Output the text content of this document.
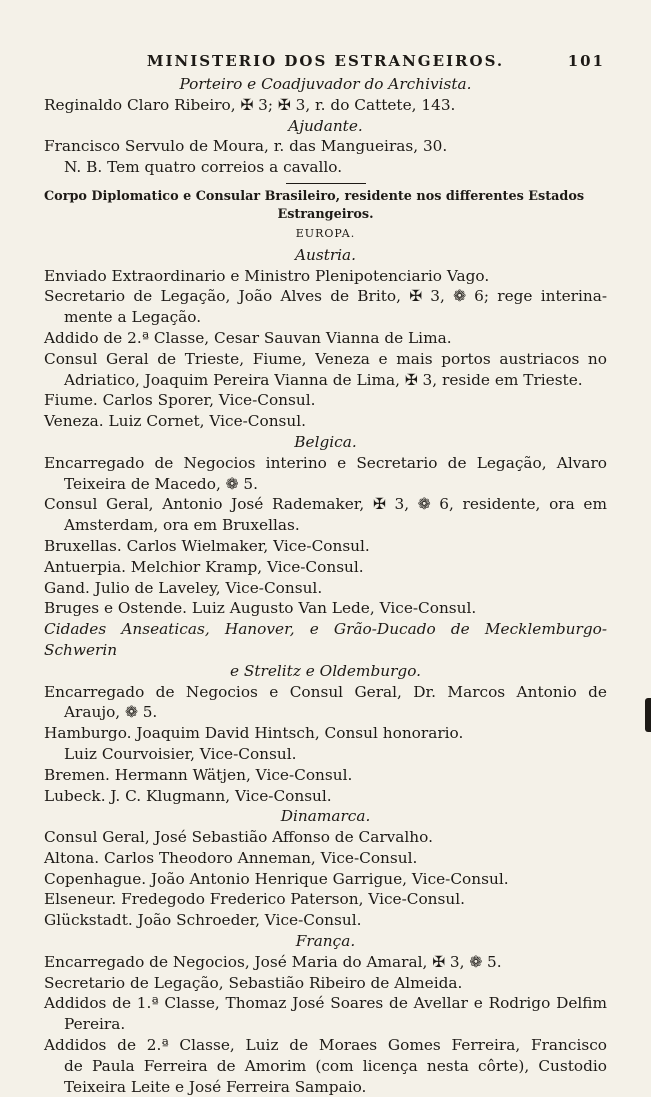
MINISTERIO DOS ESTRANGEIROS.	101
Porteiro e Coadjuvador do Archivista.
Reginaldo Claro Ribeiro, ✠ 3; ✠ 3, r. do Cattete, 143.
Ajudante.
Francisco Servulo de Moura, r. das Mangueiras, 30.
N. B. Tem quatro correios a cavallo.
Corpo Diplomatico e Consular Brasileiro, residente nos differentes Estados
Estrangeiros.
EUROPA.
Austria.
Enviado Extraordinario e Ministro Plenipotenciario Vago.
Secretario de Legação, João Alves de Brito, ✠ 3, ❁ 6; rege interina-
mente a Legação.
Addido de 2.ª Classe, Cesar Sauvan Vianna de Lima.
Consul Geral de Trieste, Fiume, Veneza e mais portos austriacos no
Adriatico, Joaquim Pereira Vianna de Lima, ✠ 3, reside em Trieste.
Fiume. Carlos Sporer, Vice-Consul.
Veneza. Luiz Cornet, Vice-Consul.
Belgica.
Encarregado de Negocios interino e Secretario de Legação, Alvaro
Teixeira de Macedo, ❁ 5.
Consul Geral, Antonio José Rademaker, ✠ 3, ❁ 6, residente, ora em
Amsterdam, ora em Bruxellas.
Bruxellas. Carlos Wielmaker, Vice-Consul.
Antuerpia. Melchior Kramp, Vice-Consul.
Gand. Julio de Laveley, Vice-Consul.
Bruges e Ostende. Luiz Augusto Van Lede, Vice-Consul.
Cidades Anseaticas, Hanover, e Grão-Ducado de Mecklemburgo-Schwerin
e Strelitz e Oldemburgo.
Encarregado de Negocios e Consul Geral, Dr. Marcos Antonio de
Araujo, ❁ 5.
Hamburgo. Joaquim David Hintsch, Consul honorario.
Luiz Courvoisier, Vice-Consul.
Bremen. Hermann Wätjen, Vice-Consul.
Lubeck. J. C. Klugmann, Vice-Consul.
Dinamarca.
Consul Geral, José Sebastião Affonso de Carvalho.
Altona. Carlos Theodoro Anneman, Vice-Consul.
Copenhague. João Antonio Henrique Garrigue, Vice-Consul.
Elseneur. Fredegodo Frederico Paterson, Vice-Consul.
Glückstadt. João Schroeder, Vice-Consul.
França.
Encarregado de Negocios, José Maria do Amaral, ✠ 3, ❁ 5.
Secretario de Legação, Sebastião Ribeiro de Almeida.
Addidos de 1.ª Classe, Thomaz José Soares de Avellar e Rodrigo Delfim
Pereira.
Addidos de 2.ª Classe, Luiz de Moraes Gomes Ferreira, Francisco
de Paula Ferreira de Amorim (com licença nesta côrte), Custodio
Teixeira Leite e José Ferreira Sampaio.
